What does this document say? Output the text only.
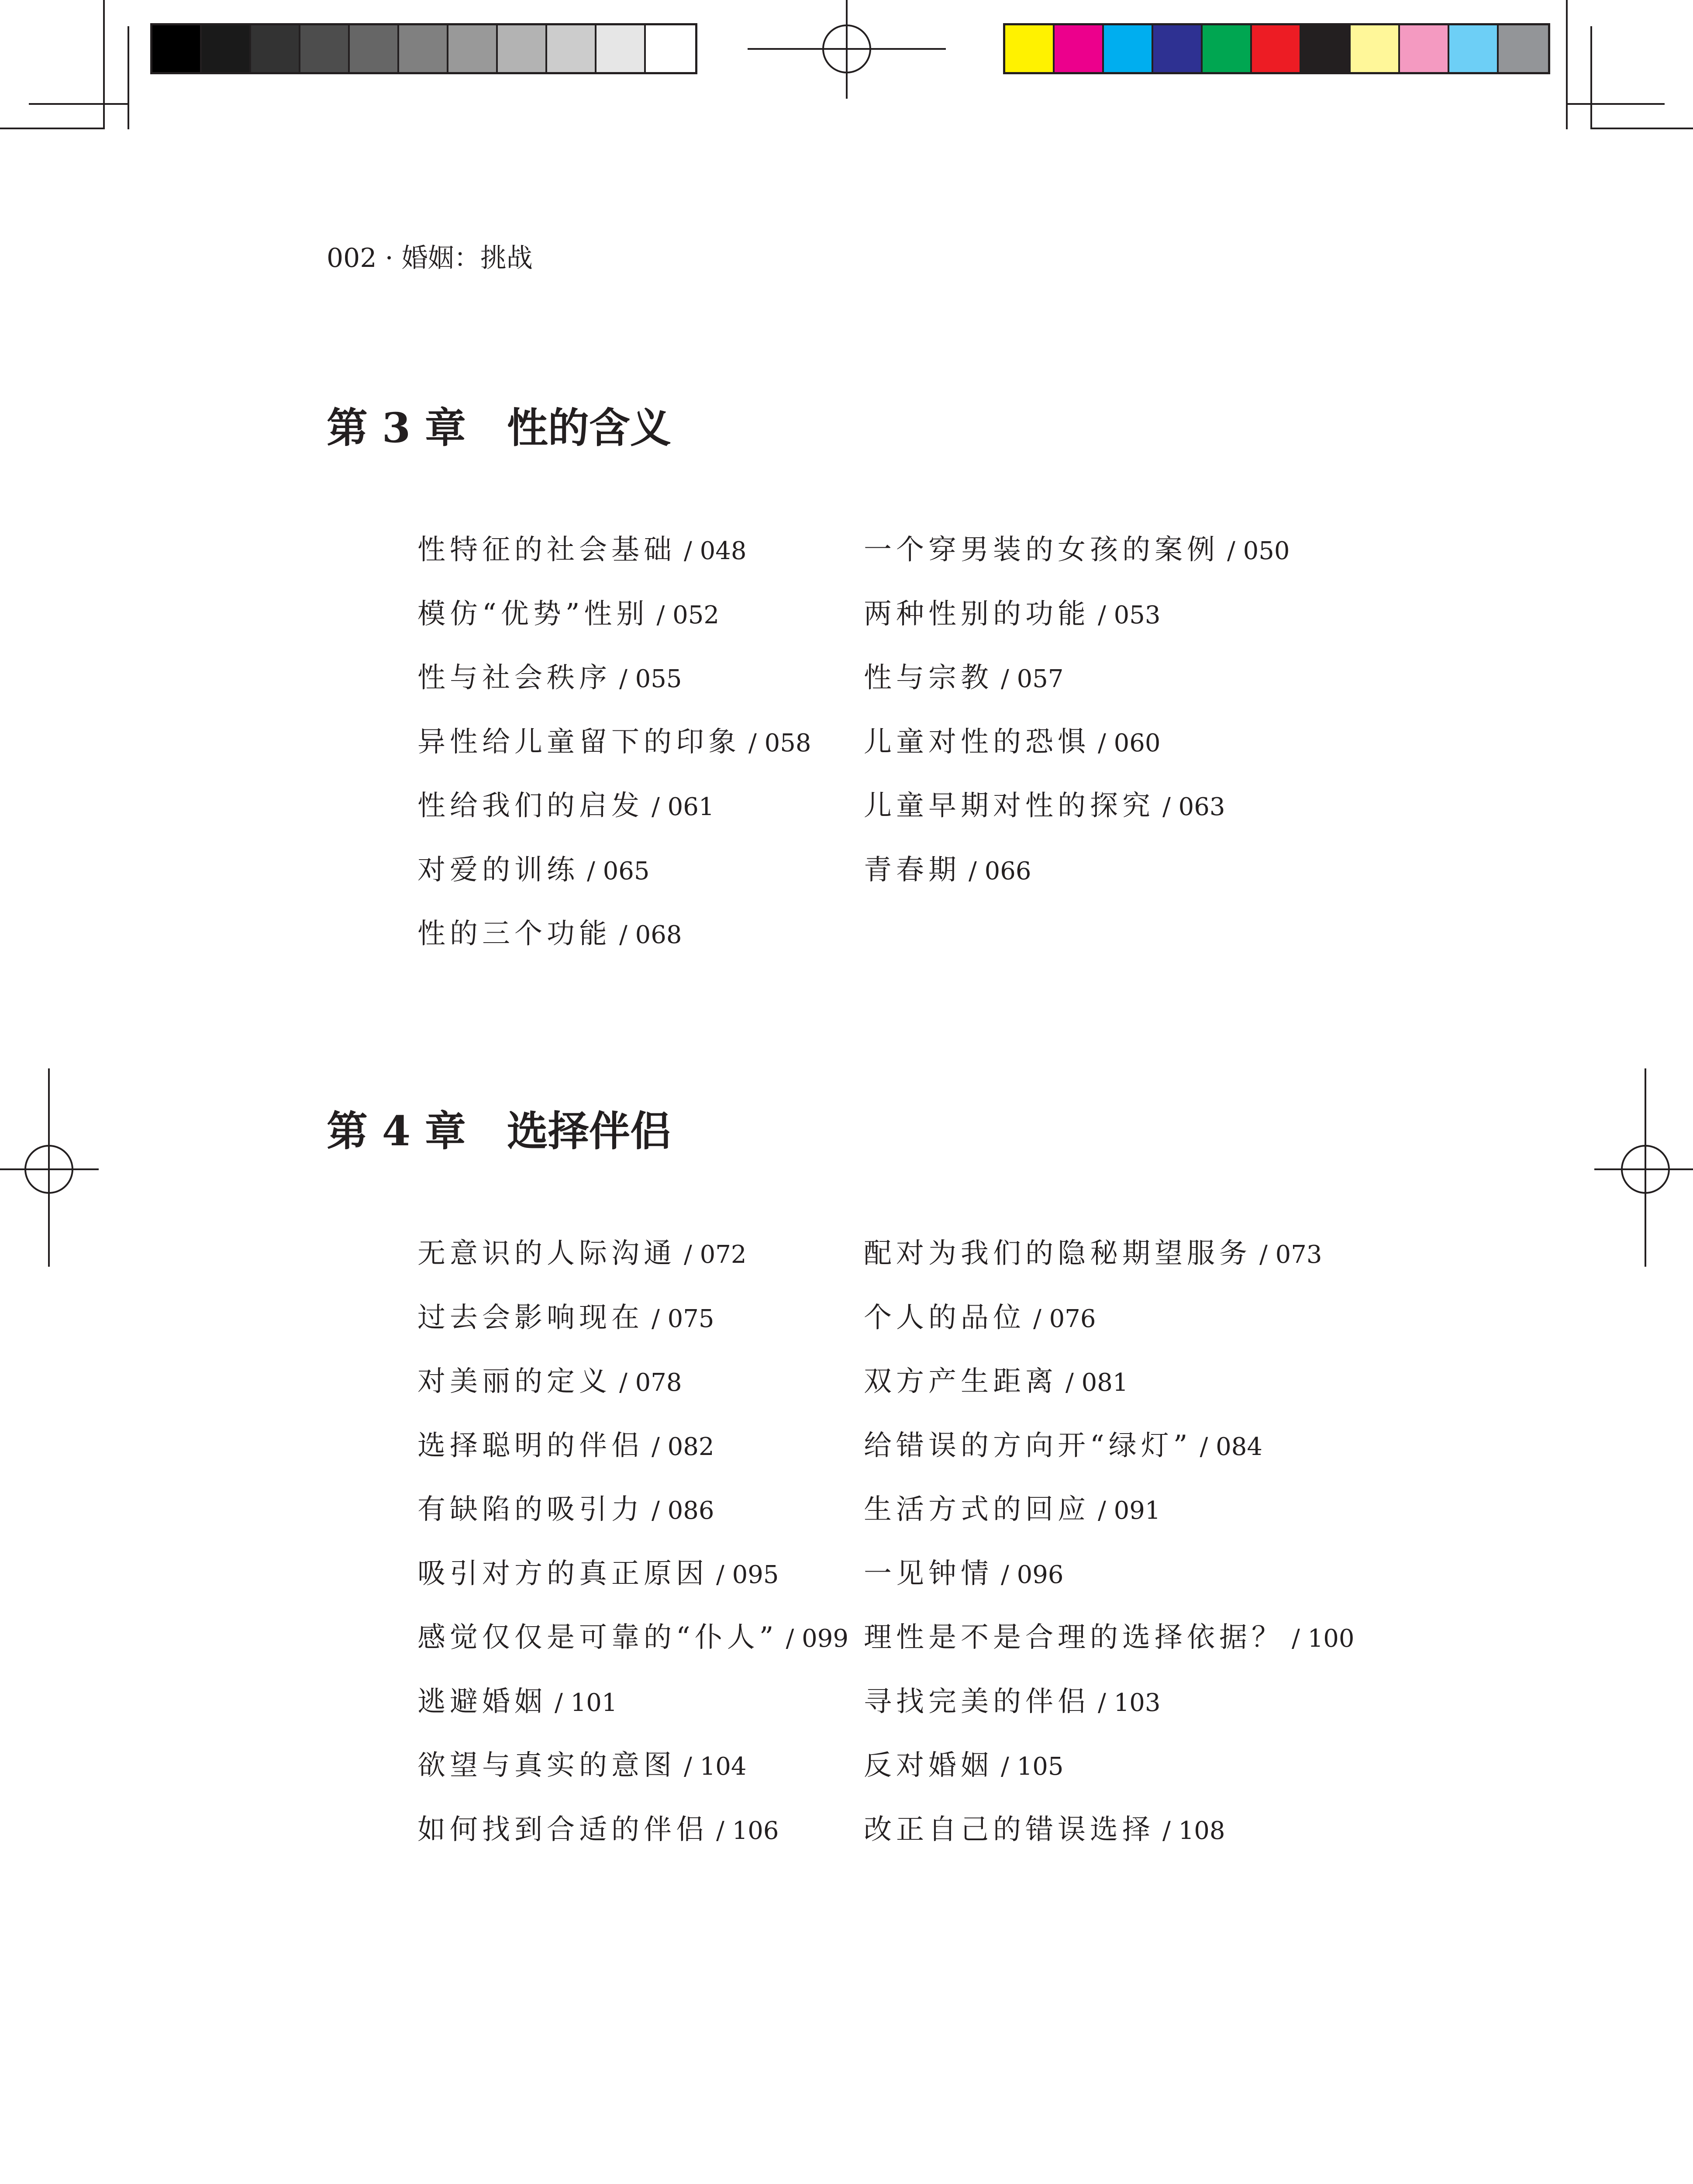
002 · 婚姻：挑战
第 3 章　性的含义
性特征的社会基础 / 048	一个穿男装的女孩的案例 / 050
模仿“优势”性别 / 052	两种性别的功能 / 053
性与社会秩序 / 055	性与宗教 / 057
异性给儿童留下的印象 / 058	儿童对性的恐惧 / 060
性给我们的启发 / 061	儿童早期对性的探究 / 063
对爱的训练 / 065	青春期 / 066
性的三个功能 / 068
第 4 章　选择伴侣
无意识的人际沟通 / 072	配对为我们的隐秘期望服务 / 073
过去会影响现在 / 075	个人的品位 / 076
对美丽的定义 / 078	双方产生距离 / 081
选择聪明的伴侣 / 082	给错误的方向开“绿灯” / 084
有缺陷的吸引力 / 086	生活方式的回应 / 091
吸引对方的真正原因 / 095	一见钟情 / 096
感觉仅仅是可靠的“仆人” / 099 理性是不是合理的选择依据？ / 100
逃避婚姻 / 101	寻找完美的伴侣 / 103
欲望与真实的意图 / 104	反对婚姻 / 105
如何找到合适的伴侣 / 106	改正自己的错误选择 / 108
